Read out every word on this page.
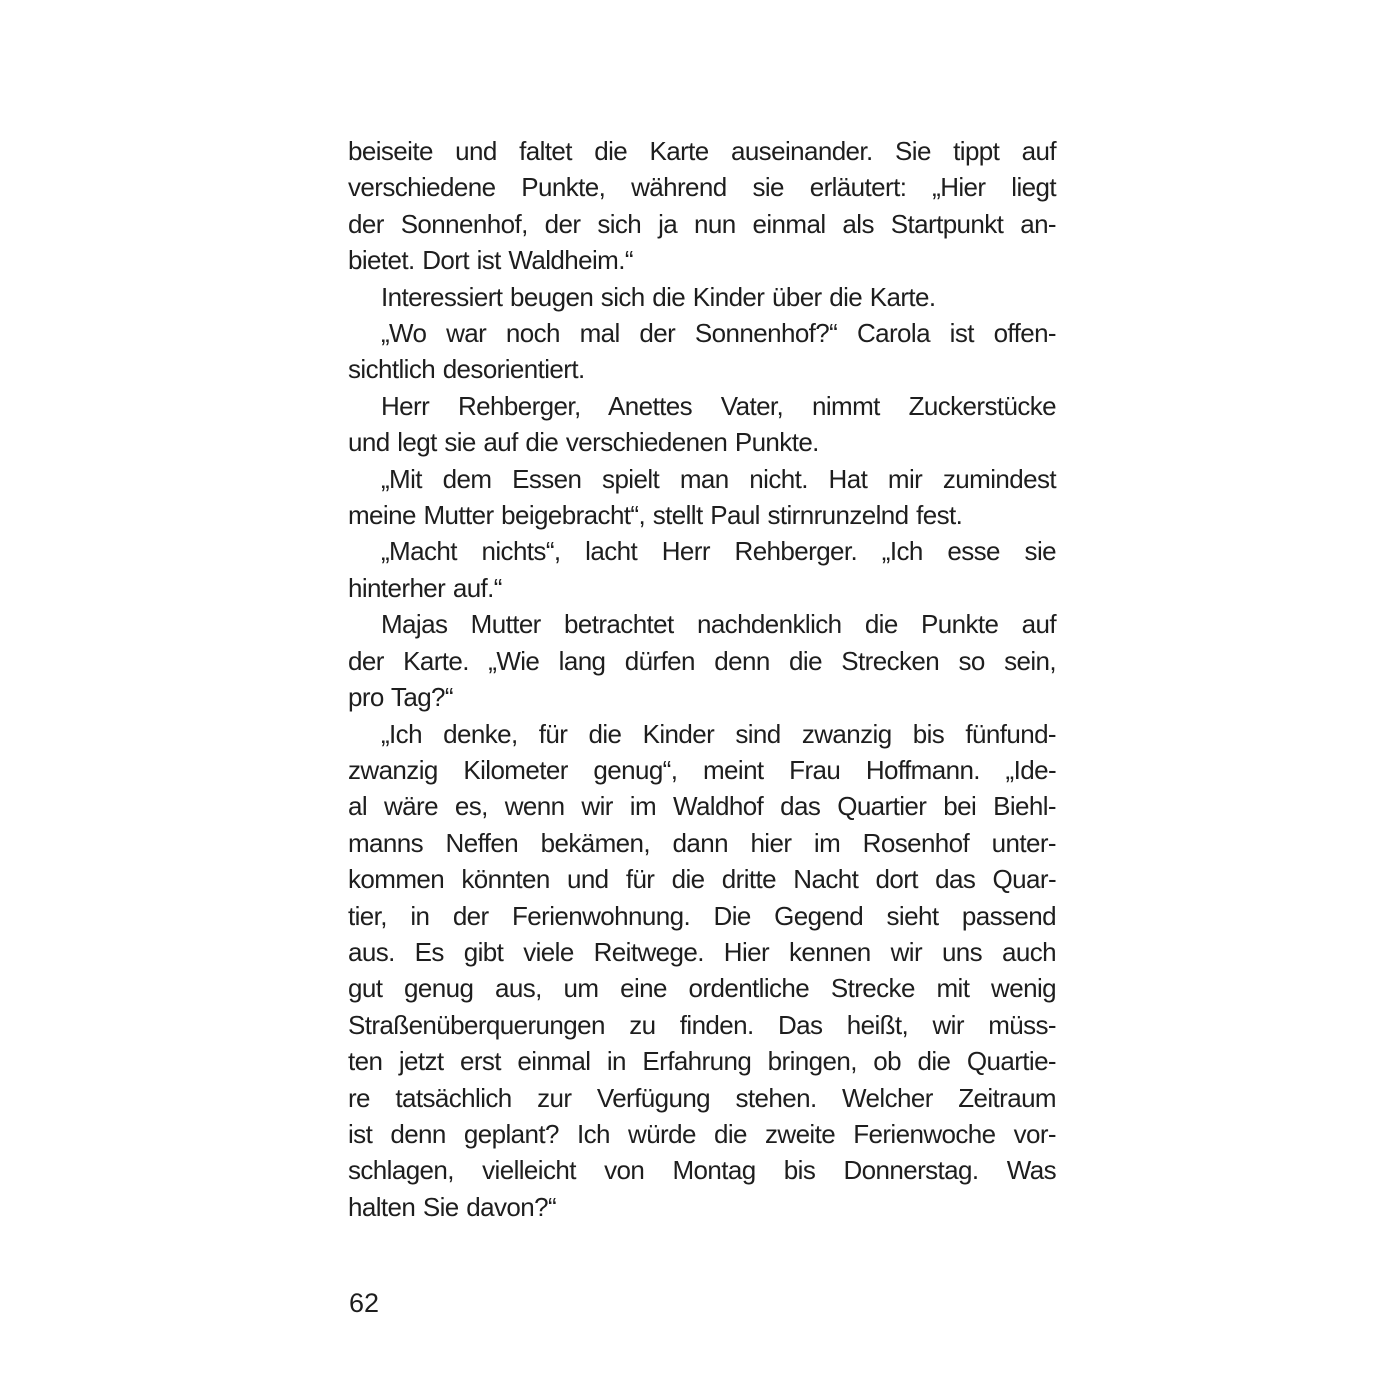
beiseite und faltet die Karte auseinander. Sie tippt auf
verschiedene Punkte, während sie erläutert: „Hier liegt
der Sonnenhof, der sich ja nun einmal als Startpunkt an-
bietet. Dort ist Waldheim.“

Interessiert beugen sich die Kinder über die Karte.

„Wo war noch mal der Sonnenhof?“ Carola ist offen-
sichtlich desorientiert.

Herr Rehberger, Anettes Vater, nimmt Zuckerstücke
und legt sie auf die verschiedenen Punkte.

„Mit dem Essen spielt man nicht. Hat mir zumindest
meine Mutter beigebracht“, stellt Paul stirnrunzelnd fest.

„Macht nichts“, lacht Herr Rehberger. „Ich esse sie
hinterher auf.“

Majas Mutter betrachtet nachdenklich die Punkte auf
der Karte. „Wie lang dürfen denn die Strecken so sein,
pro Tag?“

„Ich denke, für die Kinder sind zwanzig bis fünfund-
zwanzig Kilometer genug“, meint Frau Hoffmann. „Ide-
al wäre es, wenn wir im Waldhof das Quartier bei Biehl-
manns Neffen bekämen, dann hier im Rosenhof unter-
kommen könnten und für die dritte Nacht dort das Quar-
tier, in der Ferienwohnung. Die Gegend sieht passend
aus. Es gibt viele Reitwege. Hier kennen wir uns auch
gut genug aus, um eine ordentliche Strecke mit wenig
Straßenüberquerungen zu finden. Das heißt, wir müss-
ten jetzt erst einmal in Erfahrung bringen, ob die Quartie-
re tatsächlich zur Verfügung stehen. Welcher Zeitraum
ist denn geplant? Ich würde die zweite Ferienwoche vor-
schlagen, vielleicht von Montag bis Donnerstag. Was
halten Sie davon?“

62
